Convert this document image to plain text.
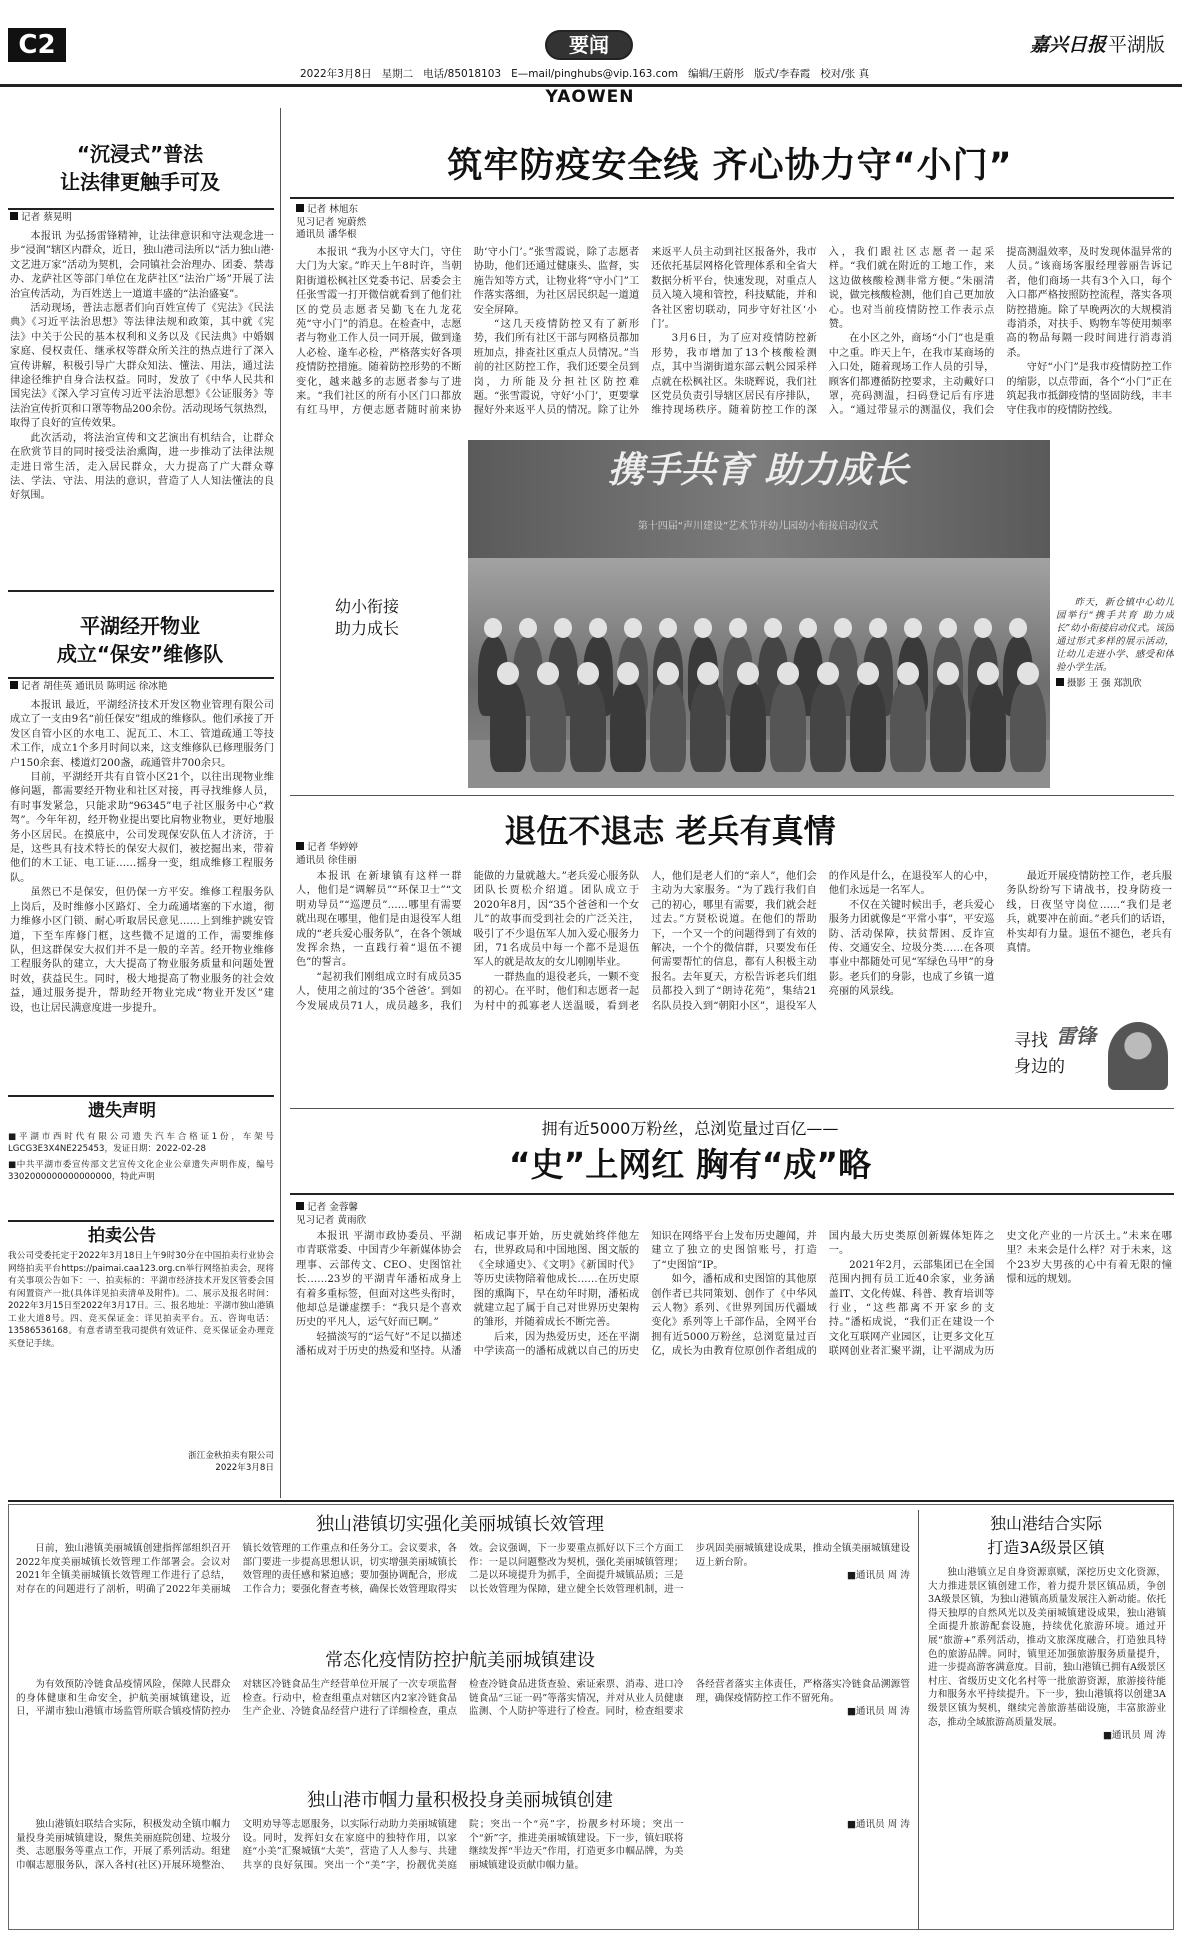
C2	要闻	嘉兴日报 平湖版
2022年3月8日 星期二 电话/85018103 E—mail/pinghubs@vip.163.com 编辑/王蔚彤 版式/李春霞 校对/张 真
YAOWEN
“沉浸式”普法
让法律更触手可及
记者 蔡晃明

本报讯 为弘扬雷锋精神，让法律意识和守法观念进一步“浸润”辖区内群众，近日，独山港司法所以“活力独山港·文艺进万家”活动为契机，会同镇社会治理办、团委、禁毒办、龙萨社区等部门单位在龙萨社区“法治广场”开展了法治宣传活动，为百姓送上一道道丰盛的“法治盛宴”。

活动现场，普法志愿者们向百姓宣传了《宪法》《民法典》《习近平法治思想》等法律法规和政策，其中就《宪法》中关于公民的基本权利和义务以及《民法典》中婚姻家庭、侵权责任、继承权等群众所关注的热点进行了深入宣传讲解，积极引导广大群众知法、懂法、用法，通过法律途径维护自身合法权益。同时，发放了《中华人民共和国宪法》《深入学习宣传习近平法治思想》《公证服务》等法治宣传折页和口罩等物品200余份。活动现场气氛热烈，取得了良好的宣传效果。

此次活动，将法治宣传和文艺演出有机结合，让群众在欣赏节目的同时接受法治熏陶，进一步推动了法律法规走进日常生活，走入居民群众，大力提高了广大群众尊法、学法、守法、用法的意识，营造了人人知法懂法的良好氛围。

平湖经开物业
成立“保安”维修队
记者 胡佳英 通讯员 陈明远 徐冰艳

本报讯 最近，平湖经济技术开发区物业管理有限公司成立了一支由9名“前任保安”组成的维修队。他们承接了开发区自管小区的水电工、泥瓦工、木工、管道疏通工等技术工作，成立1个多月时间以来，这支维修队已修理服务门户150余套、楼道灯200盏，疏通管井700余只。

目前，平湖经开共有自管小区21个，以往出现物业维修问题，都需要经开物业和社区对接，再寻找维修人员，有时事发紧急，只能求助“96345”电子社区服务中心“救驾”。今年年初，经开物业提出要比肩物业物业，更好地服务小区居民。在摸底中，公司发现保安队伍人才济济，于是，这些具有技术特长的保安大叔们，被挖掘出来，带着他们的木工证、电工证……摇身一变，组成维修工程服务队。

虽然已不是保安，但仍保一方平安。维修工程服务队上岗后，及时维修小区路灯、全力疏通堵塞的下水道，彻力维修小区门锁、耐心听取居民意见……上到维护跳安管道，下至车库修门框，这些微不足道的工作，需要维修队，但这群保安大叔们并不是一般的辛苦。经开物业维修工程服务队的建立，大大提高了物业服务质量和问题处置时效，获益民生。同时，极大地提高了物业服务的社会效益，通过服务提升，帮助经开物业完成“物业开发区”建设，也让居民满意度进一步提升。

遗失声明
■平湖市西时代有限公司遗失汽车合格证1份，车架号LGCG3E3X4NE225453，发证日期：2022-02-28
■中共平湖市委宣传部文艺宣传文化企业公章遗失声明作废，编号3302000000000000000，特此声明
拍卖公告
我公司受委托定于2022年3月18日上午9时30分在中国拍卖行业协会网络拍卖平台https://paimai.caa123.org.cn举行网络拍卖会，现将有关事项公告如下：一、拍卖标的：平湖市经济技术开发区管委会国有闲置资产一批(具体详见拍卖清单及附件)。二、展示及报名时间：2022年3月15日至2022年3月17日。三、报名地址：平湖市独山港镇工业大道8号。四、竞买保证金：详见拍卖平台。五、咨询电话：13586536168。有意者请至我司提供有效证件、竞买保证金办理竞买登记手续。
浙江金秋拍卖有限公司
2022年3月8日
筑牢防疫安全线 齐心协力守“小门”
记者 林旭东
见习记者 宛蔚然
通讯员 潘华根

本报讯 “我为小区守大门，守住大门为大家。”昨天上午8时许，当朝阳街道松枫社区党委书记、居委会主任张雪霞一打开微信就看到了他们社区的党员志愿者吴勤飞在九龙花苑“守小门”的消息。在检查中，志愿者与物业工作人员一同开展，做到逢人必检、逢车必检，严格落实好各项疫情防控措施。随着防控形势的不断变化，越来越多的志愿者参与了进来。“我们社区的所有小区门口都放有红马甲，方便志愿者随时前来协助‘守小门’。”张雪霞说，除了志愿者协助，他们还通过健康头、监督，实施告知等方式，让物业将“守小门”工作落实落细，为社区居民织起一道道安全屏障。

“这几天疫情防控又有了新形势，我们所有社区干部与网格员都加班加点，排查社区重点人员情况。”当前的社区防控工作，我们还要全员到岗，力所能及分担社区防控难题。“张雪霞说，守好‘小门’，更要掌握好外来返平人员的情况。除了让外来返平人员主动到社区报备外，我市还依托基层网格化管理体系和全省大数据分析平台，快速发现，对重点人员入境入境和管控，科技赋能，并和各社区密切联动，同步守好社区‘小门’。

3月6日，为了应对疫情防控新形势，我市增加了13个核酸检测点，其中当湖街道东部云帆公园采样点就在松枫社区。朱晓辉说，我们社区党员负责引导辖区居民有序排队，维持现场秩序。随着防控工作的深入，我们跟社区志愿者一起采样。“我们就在附近的工地工作，来这边做核酸检测非常方便。”朱丽清说，做完核酸检测，他们自己更加放心。也对当前疫情防控工作表示点赞。

在小区之外，商场“小门”也是重中之重。昨天上午，在我市某商场的入口处，随着现场工作人员的引导，顾客们都遵循防控要求，主动戴好口罩，亮码测温，扫码登记后有序进入。“通过带显示的测温仪，我们会提高测温效率，及时发现体温异常的人员。”该商场客服经理蓉丽告诉记者，他们商场一共有3个入口，每个入口都严格按照防控流程，落实各项防控措施。除了早晚两次的大规模消毒消杀，对扶手、购物车等使用频率高的物品每隔一段时间进行消毒消杀。

守好“小门”是我市疫情防控工作的缩影，以点带面，各个“小门”正在筑起我市抵御疫情的坚固防线，丰丰守住我市的疫情防控线。

幼小衔接
助力成长
携手共育 助力成长
第十四届“声川建设”艺术节并幼儿园幼小衔接启动仪式
昨天，新仓镇中心幼儿园举行“携手共育 助力成长”幼小衔接启动仪式。该园通过形式多样的展示活动，让幼儿走进小学、感受和体验小学生活。
摄影 王 强 郑凯欣
退伍不退志 老兵有真情
记者 华婷婷
通讯员 徐佳丽

本报讯 在新埭镇有这样一群人，他们是“调解员”“环保卫士”“文明劝导员”“巡逻员”……哪里有需要就出现在哪里，他们是由退役军人组成的“老兵爱心服务队”，在各个领域发挥余热，一直践行着“退伍不褪色”的誓言。

“起初我们刚组成立时有成员35人，使用之前过的‘35个爸爸’。到如今发展成员71人，成员越多，我们能做的力量就越大。”老兵爱心服务队团队长贾松介绍道。团队成立于2020年8月，因“35个爸爸和一个女儿”的故事而受到社会的广泛关注，吸引了不少退伍军人加入爱心服务力团，71名成员中每一个都不是退伍军人的就是故友的女儿刚刚毕业。

一群热血的退役老兵，一颗不变的初心。在平时，他们和志愿者一起为村中的孤寡老人送温暖，看到老人，他们是老人们的“亲人”，他们会主动为大家服务。“为了践行我们自己的初心，哪里有需要，我们就会赶过去。”方贤松说道。在他们的帮助下，一个又一个的问题得到了有效的解决，一个个的微信群，只要发布任何需要帮忙的信息，都有人积极主动报名。去年夏天，方松告诉老兵们组员都投入到了“朗诗花苑”，集结21名队员投入到“朝阳小区”，退役军人的作风是什么，在退役军人的心中，他们永远是一名军人。

不仅在关键时候出手，老兵爱心服务力团就像是“平常小事”，平安巡防、活动保障，扶贫帮困、反诈宣传、交通安全、垃圾分类……在各项事业中都随处可见“军绿色马甲”的身影。老兵们的身影，也成了乡镇一道亮丽的风景线。

最近开展疫情防控工作，老兵服务队纷纷写下请战书，投身防疫一线，日夜坚守岗位……“我们是老兵，就要冲在前面。”老兵们的话语，朴实却有力量。退伍不褪色，老兵有真情。

寻找 雷锋
身边的
拥有近5000万粉丝，总浏览量过百亿——
“史”上网红 胸有“成”略
记者 金蓉馨
见习记者 黄雨欣

本报讯 平湖市政协委员、平湖市青联常委、中国青少年新媒体协会理事、云部传文、CEO、史图馆社长……23岁的平湖青年潘柘成身上有着多重标签，但面对这些头衔时，他却总是谦虚摆手：“我只是个喜欢历史的平凡人，运气好而已啊。”

轻描淡写的“运气好”不足以描述潘柘成对于历史的热爱和坚持。从潘柘成记事开始，历史就始终伴他左右，世界政局和中国地图、图文版的《全球通史》、《文明》《新国时代》等历史读物陪着他成长……在历史原图的熏陶下，早在幼年时期，潘柘成就建立起了属于自己对世界历史架构的雏形，并随着成长不断完善。

后来，因为热爱历史，还在平湖中学读高一的潘柘成就以自己的历史知识在网络平台上发布历史趣闻，并建立了独立的史图馆账号，打造了“史图馆”IP。

如今，潘柘成和史图馆的其他原创作者已共同策划、创作了《中华风云人物》系列、《世界列国历代疆域变化》系列等上千部作品，全网平台拥有近5000万粉丝，总浏览量过百亿，成长为由教育位原创作者组成的国内最大历史类原创新媒体矩阵之一。

2021年2月，云部集团已在全国范围内拥有员工近40余家，业务涵盖IT、文化传媒、科普、教育培训等行业，“这些都离不开家乡的支持。”潘柘成说，“我们正在建设一个文化互联网产业园区，让更多文化互联网创业者汇聚平湖，让平湖成为历史文化产业的一片沃土。”未来在哪里？未来会是什么样？对于未来，这个23岁大男孩的心中有着无限的憧憬和远的规划。

独山港镇切实强化美丽城镇长效管理

日前，独山港镇美丽城镇创建指挥部组织召开2022年度美丽城镇长效管理工作部署会。会议对2021年全镇美丽城镇长效管理工作进行了总结，对存在的问题进行了剖析，明确了2022年美丽城镇长效管理的工作重点和任务分工。会议要求，各部门要进一步提高思想认识，切实增强美丽城镇长效管理的责任感和紧迫感；要加强协调配合，形成工作合力；要强化督查考核，确保长效管理取得实效。会议强调，下一步要重点抓好以下三个方面工作：一是以问题整改为契机，强化美丽城镇管理；二是以环境提升为抓手，全面提升城镇品质；三是以长效管理为保障，建立健全长效管理机制，进一步巩固美丽城镇建设成果，推动全镇美丽城镇建设迈上新台阶。

■通讯员 周 涛
常态化疫情防控护航美丽城镇建设

为有效预防冷链食品疫情风险，保障人民群众的身体健康和生命安全，护航美丽城镇建设，近日，平湖市独山港镇市场监管所联合镇疫情防控办对辖区冷链食品生产经营单位开展了一次专项监督检查。行动中，检查组重点对辖区内2家冷链食品生产企业、冷链食品经营户进行了详细检查，重点检查冷链食品进货查验、索证索票、消毒、进口冷链食品“三证一码”等落实情况，并对从业人员健康监测、个人防护等进行了检查。同时，检查组要求各经营者落实主体责任，严格落实冷链食品溯源管理，确保疫情防控工作不留死角。

■通讯员 周 涛
独山港市帼力量积极投身美丽城镇创建

独山港镇妇联结合实际，积极发动全镇巾帼力量投身美丽城镇建设，聚焦美丽庭院创建、垃圾分类、志愿服务等重点工作，开展了系列活动。组建巾帼志愿服务队，深入各村(社区)开展环境整治、文明劝导等志愿服务，以实际行动助力美丽城镇建设。同时，发挥妇女在家庭中的独特作用，以家庭“小美”汇聚城镇“大美”，营造了人人参与、共建共享的良好氛围。突出一个“美”字，扮靓优美庭院；突出一个“亮”字，扮靓乡村环境；突出一个“新”字，推进美丽城镇建设。下一步，镇妇联将继续发挥“半边天”作用，打造更多巾帼品牌，为美丽城镇建设贡献巾帼力量。

■通讯员 周 涛
独山港结合实际
打造3A级景区镇

独山港镇立足自身资源禀赋，深挖历史文化资源，大力推进景区镇创建工作，着力提升景区镇品质，争创3A级景区镇，为独山港镇高质量发展注入新动能。依托得天独厚的自然风光以及美丽城镇建设成果，独山港镇全面提升旅游配套设施，持续优化旅游环境。通过开展“旅游+”系列活动，推动文旅深度融合，打造独具特色的旅游品牌。同时，镇里还加强旅游服务质量提升，进一步提高游客满意度。目前，独山港镇已拥有A级景区村庄、省级历史文化名村等一批旅游资源，旅游接待能力和服务水平持续提升。下一步，独山港镇将以创建3A级景区镇为契机，继续完善旅游基础设施，丰富旅游业态，推动全域旅游高质量发展。

■通讯员 周 涛
